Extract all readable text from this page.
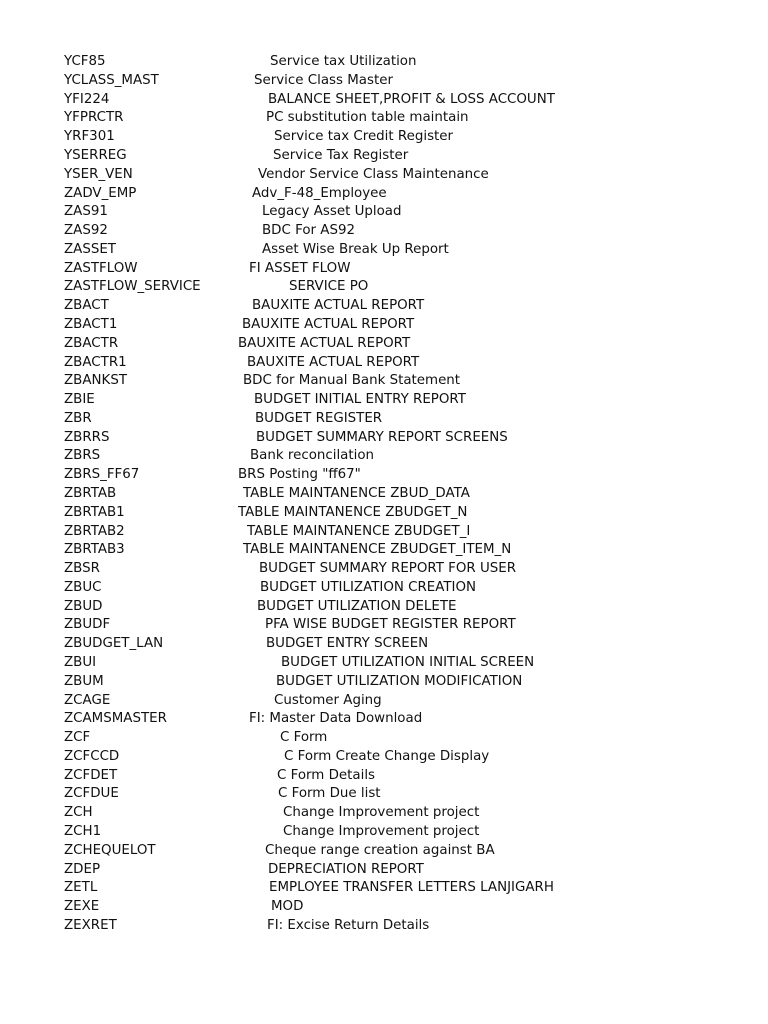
YCF85	Service tax Utilization
YCLASS_MAST	Service Class Master
YFI224	BALANCE SHEET,PROFIT & LOSS ACCOUNT
YFPRCTR	PC substitution table maintain
YRF301	Service tax Credit Register
YSERREG	Service Tax Register
YSER_VEN	Vendor Service Class Maintenance
ZADV_EMP	Adv_F-48_Employee
ZAS91	Legacy Asset Upload
ZAS92	BDC For AS92
ZASSET	Asset Wise Break Up Report
ZASTFLOW	FI ASSET FLOW
ZASTFLOW_SERVICE	SERVICE PO
ZBACT	BAUXITE ACTUAL REPORT
ZBACT1	BAUXITE ACTUAL REPORT
ZBACTR	BAUXITE ACTUAL REPORT
ZBACTR1	BAUXITE ACTUAL REPORT
ZBANKST	BDC for Manual Bank Statement
ZBIE	BUDGET INITIAL ENTRY REPORT
ZBR	BUDGET REGISTER
ZBRRS	BUDGET SUMMARY REPORT SCREENS
ZBRS	Bank reconcilation
ZBRS_FF67	BRS Posting "ff67"
ZBRTAB	TABLE MAINTANENCE ZBUD_DATA
ZBRTAB1	TABLE MAINTANENCE ZBUDGET_N
ZBRTAB2	TABLE MAINTANENCE ZBUDGET_I
ZBRTAB3	TABLE MAINTANENCE ZBUDGET_ITEM_N
ZBSR	BUDGET SUMMARY REPORT FOR USER
ZBUC	BUDGET UTILIZATION CREATION
ZBUD	BUDGET UTILIZATION DELETE
ZBUDF	PFA WISE BUDGET REGISTER REPORT
ZBUDGET_LAN	BUDGET ENTRY SCREEN
ZBUI	BUDGET UTILIZATION INITIAL SCREEN
ZBUM	BUDGET UTILIZATION MODIFICATION
ZCAGE	Customer Aging
ZCAMSMASTER	FI: Master Data Download
ZCF	C Form
ZCFCCD	C Form Create Change Display
ZCFDET	C Form Details
ZCFDUE	C Form Due list
ZCH	Change Improvement project
ZCH1	Change Improvement project
ZCHEQUELOT	Cheque range creation against BA
ZDEP	DEPRECIATION REPORT
ZETL	EMPLOYEE TRANSFER LETTERS LANJIGARH
ZEXE	MOD
ZEXRET	FI: Excise Return Details
